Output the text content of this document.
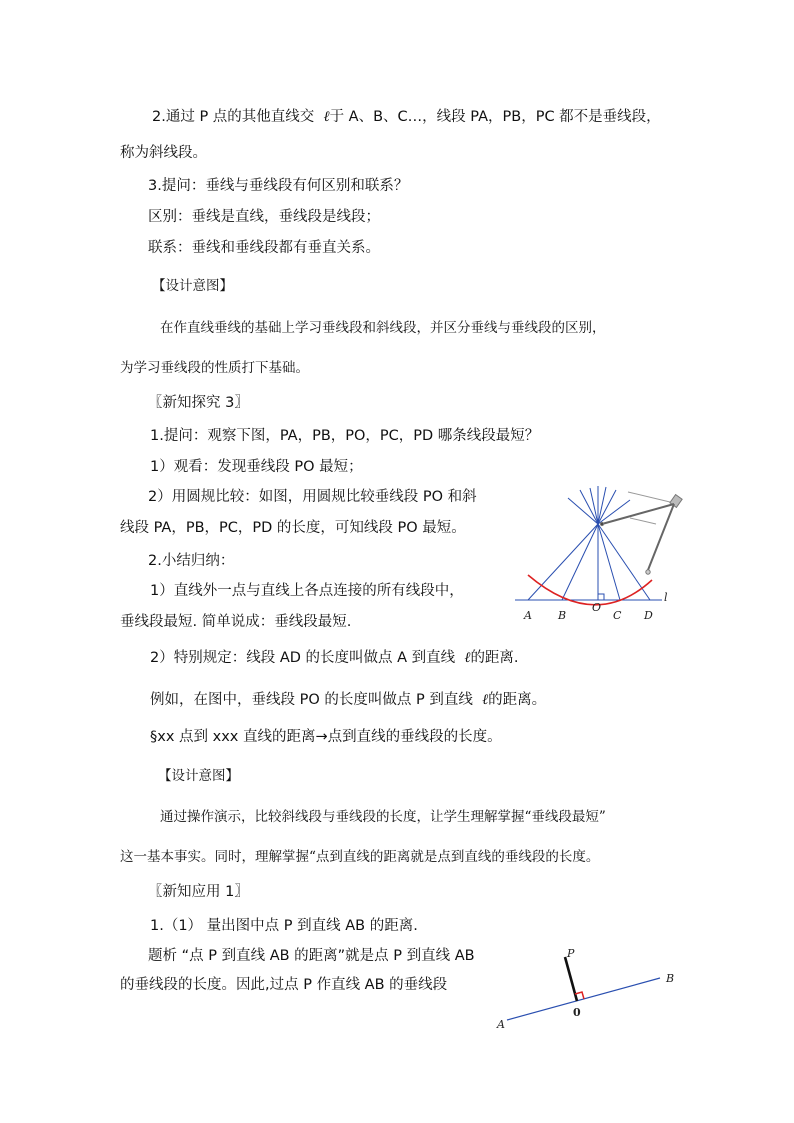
2.通过 P 点的其他直线交 ℓ于 A、B、C…，线段 PA，PB，PC 都不是垂线段，
称为斜线段。
3.提问：垂线与垂线段有何区别和联系？
区别：垂线是直线，垂线段是线段；
联系：垂线和垂线段都有垂直关系。
【设计意图】
在作直线垂线的基础上学习垂线段和斜线段，并区分垂线与垂线段的区别，
为学习垂线段的性质打下基础。
〖新知探究 3〗
1.提问：观察下图，PA，PB，PO，PC，PD 哪条线段最短？
1）观看：发现垂线段 PO 最短；
2）用圆规比较：如图，用圆规比较垂线段 PO 和斜
线段 PA，PB，PC，PD 的长度，可知线段 PO 最短。
2.小结归纳：
1）直线外一点与直线上各点连接的所有线段中，
垂线段最短. 简单说成：垂线段最短.
2）特别规定：线段 AD 的长度叫做点 A 到直线 ℓ的距离.
例如，在图中，垂线段 PO 的长度叫做点 P 到直线 ℓ的距离。
§xx 点到 xxx 直线的距离→点到直线的垂线段的长度。
【设计意图】
通过操作演示，比较斜线段与垂线段的长度，让学生理解掌握“垂线段最短”
这一基本事实。同时，理解掌握“点到直线的距离就是点到直线的垂线段的长度。
〖新知应用 1〗
1.（1） 量出图中点 P 到直线 AB 的距离.
题析 “点 P 到直线 AB 的距离”就是点 P 到直线 AB
的垂线段的长度。因此,过点 P 作直线 AB 的垂线段
A B
O
C D
l
P
B
A
0
